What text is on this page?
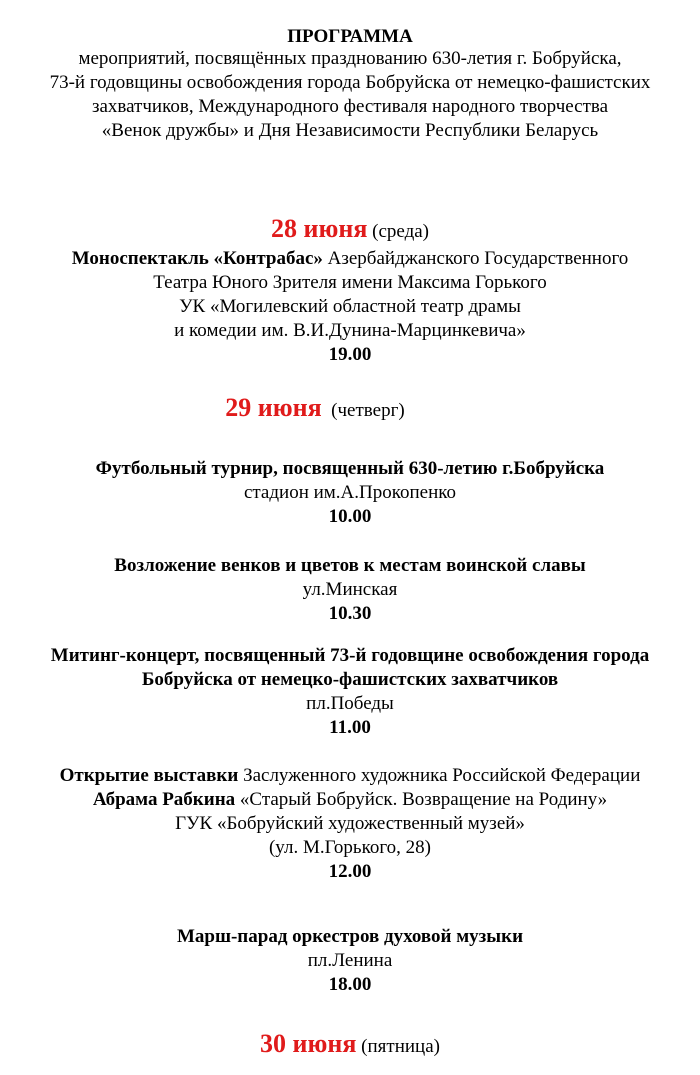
ПРОГРАММА
мероприятий, посвящённых празднованию 630-летия г. Бобруйска,
73-й годовщины освобождения города Бобруйска от немецко-фашистских
захватчиков, Международного фестиваля народного творчества
«Венок дружбы» и Дня Независимости Республики Беларусь
28 июня (среда)
Моноспектакль «Контрабас» Азербайджанского Государственного
Театра Юного Зрителя имени Максима Горького
УК «Могилевский областной театр драмы
и комедии им. В.И.Дунина-Марцинкевича»
19.00
29 июня (четверг)
Футбольный турнир, посвященный 630-летию г.Бобруйска
стадион им.А.Прокопенко
10.00
Возложение венков и цветов к местам воинской славы
ул.Минская
10.30
Митинг-концерт, посвященный 73-й годовщине освобождения города
Бобруйска от немецко-фашистских захватчиков
пл.Победы
11.00
Открытие выставки Заслуженного художника Российской Федерации
Абрама Рабкина «Старый Бобруйск. Возвращение на Родину»
ГУК «Бобруйский художественный музей»
(ул. М.Горького, 28)
12.00
Марш-парад оркестров духовой музыки
пл.Ленина
18.00
30 июня (пятница)
